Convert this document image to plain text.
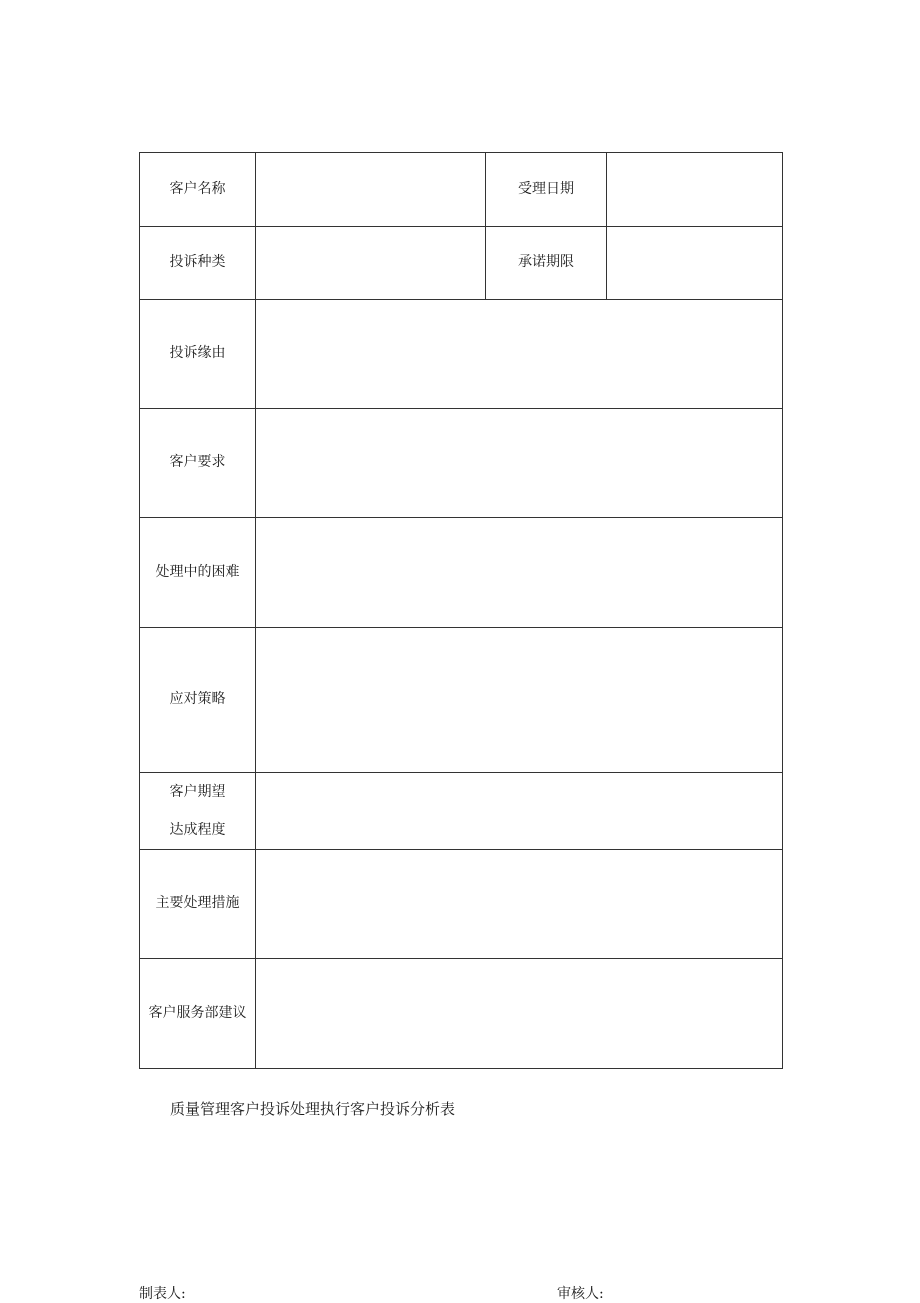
客户名称		受理日期	
投诉种类		承诺期限	
投诉缘由			
客户要求			
处理中的困难			
应对策略			

客户期望
达成程度			

主要处理措施			
客户服务部建议			
质量管理客户投诉处理执行客户投诉分析表
制表人:	审核人:
